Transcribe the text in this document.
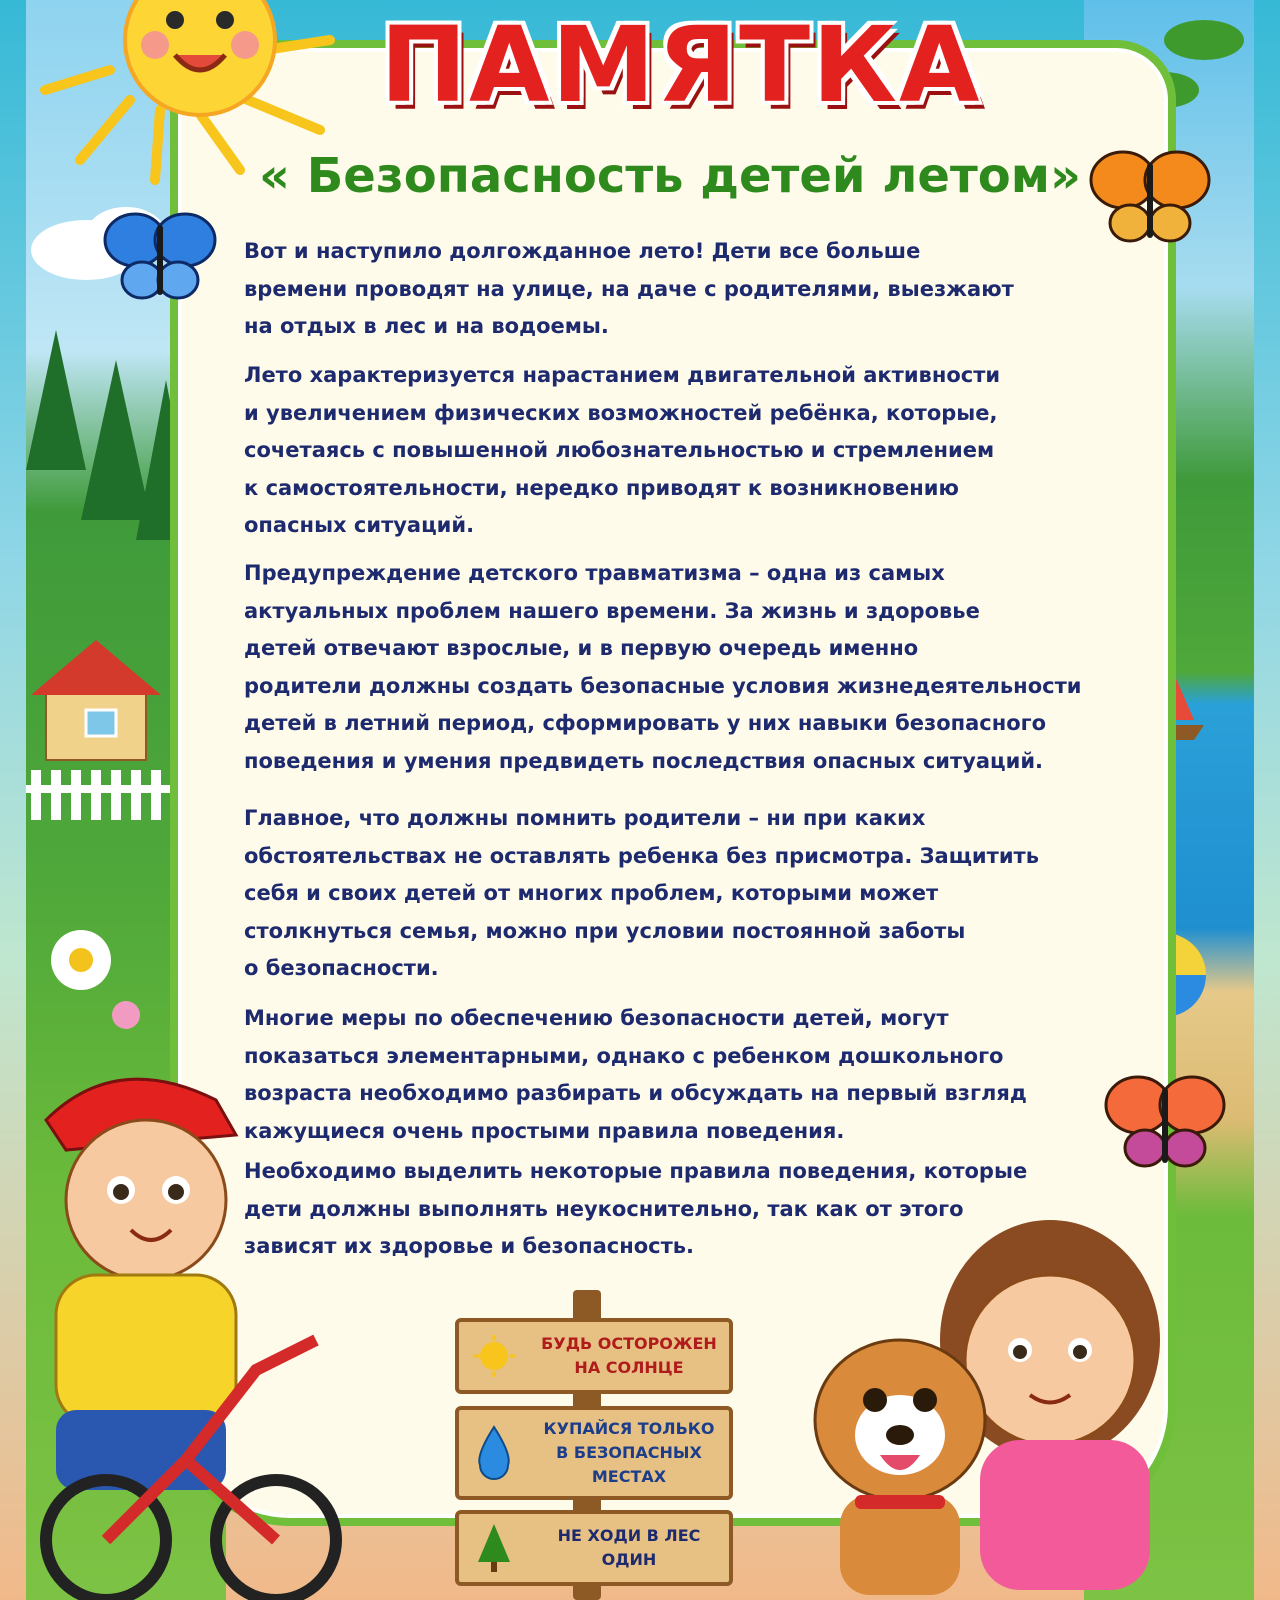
ПАМЯТКА
« Безопасность детей летом»

Вот и наступило долгожданное лето! Дети все больше
времени проводят на улице, на даче с родителями, выезжают
на отдых в лес и на водоемы.

Лето характеризуется нарастанием двигательной активности
и увеличением физических возможностей ребёнка, которые,
сочетаясь с повышенной любознательностью и стремлением
к самостоятельности, нередко приводят к возникновению
опасных ситуаций.

Предупреждение детского травматизма – одна из самых
актуальных проблем нашего времени. За жизнь и здоровье
детей отвечают взрослые, и в первую очередь именно
родители должны создать безопасные условия жизнедеятельности
детей в летний период, сформировать у них навыки безопасного
поведения и умения предвидеть последствия опасных ситуаций.

Главное, что должны помнить родители – ни при каких
обстоятельствах не оставлять ребенка без присмотра. Защитить
себя и своих детей от многих проблем, которыми может
столкнуться семья, можно при условии постоянной заботы
о безопасности.

Многие меры по обеспечению безопасности детей, могут
показаться элементарными, однако с ребенком дошкольного
возраста необходимо разбирать и обсуждать на первый взгляд
кажущиеся очень простыми правила поведения.

Необходимо выделить некоторые правила поведения, которые
дети должны выполнять неукоснительно, так как от этого
зависят их здоровье и безопасность.

БУДЬ ОСТОРОЖЕН
НА СОЛНЦЕ
КУПАЙСЯ ТОЛЬКО
В БЕЗОПАСНЫХ
МЕСТАХ
НЕ ХОДИ В ЛЕС
ОДИН
